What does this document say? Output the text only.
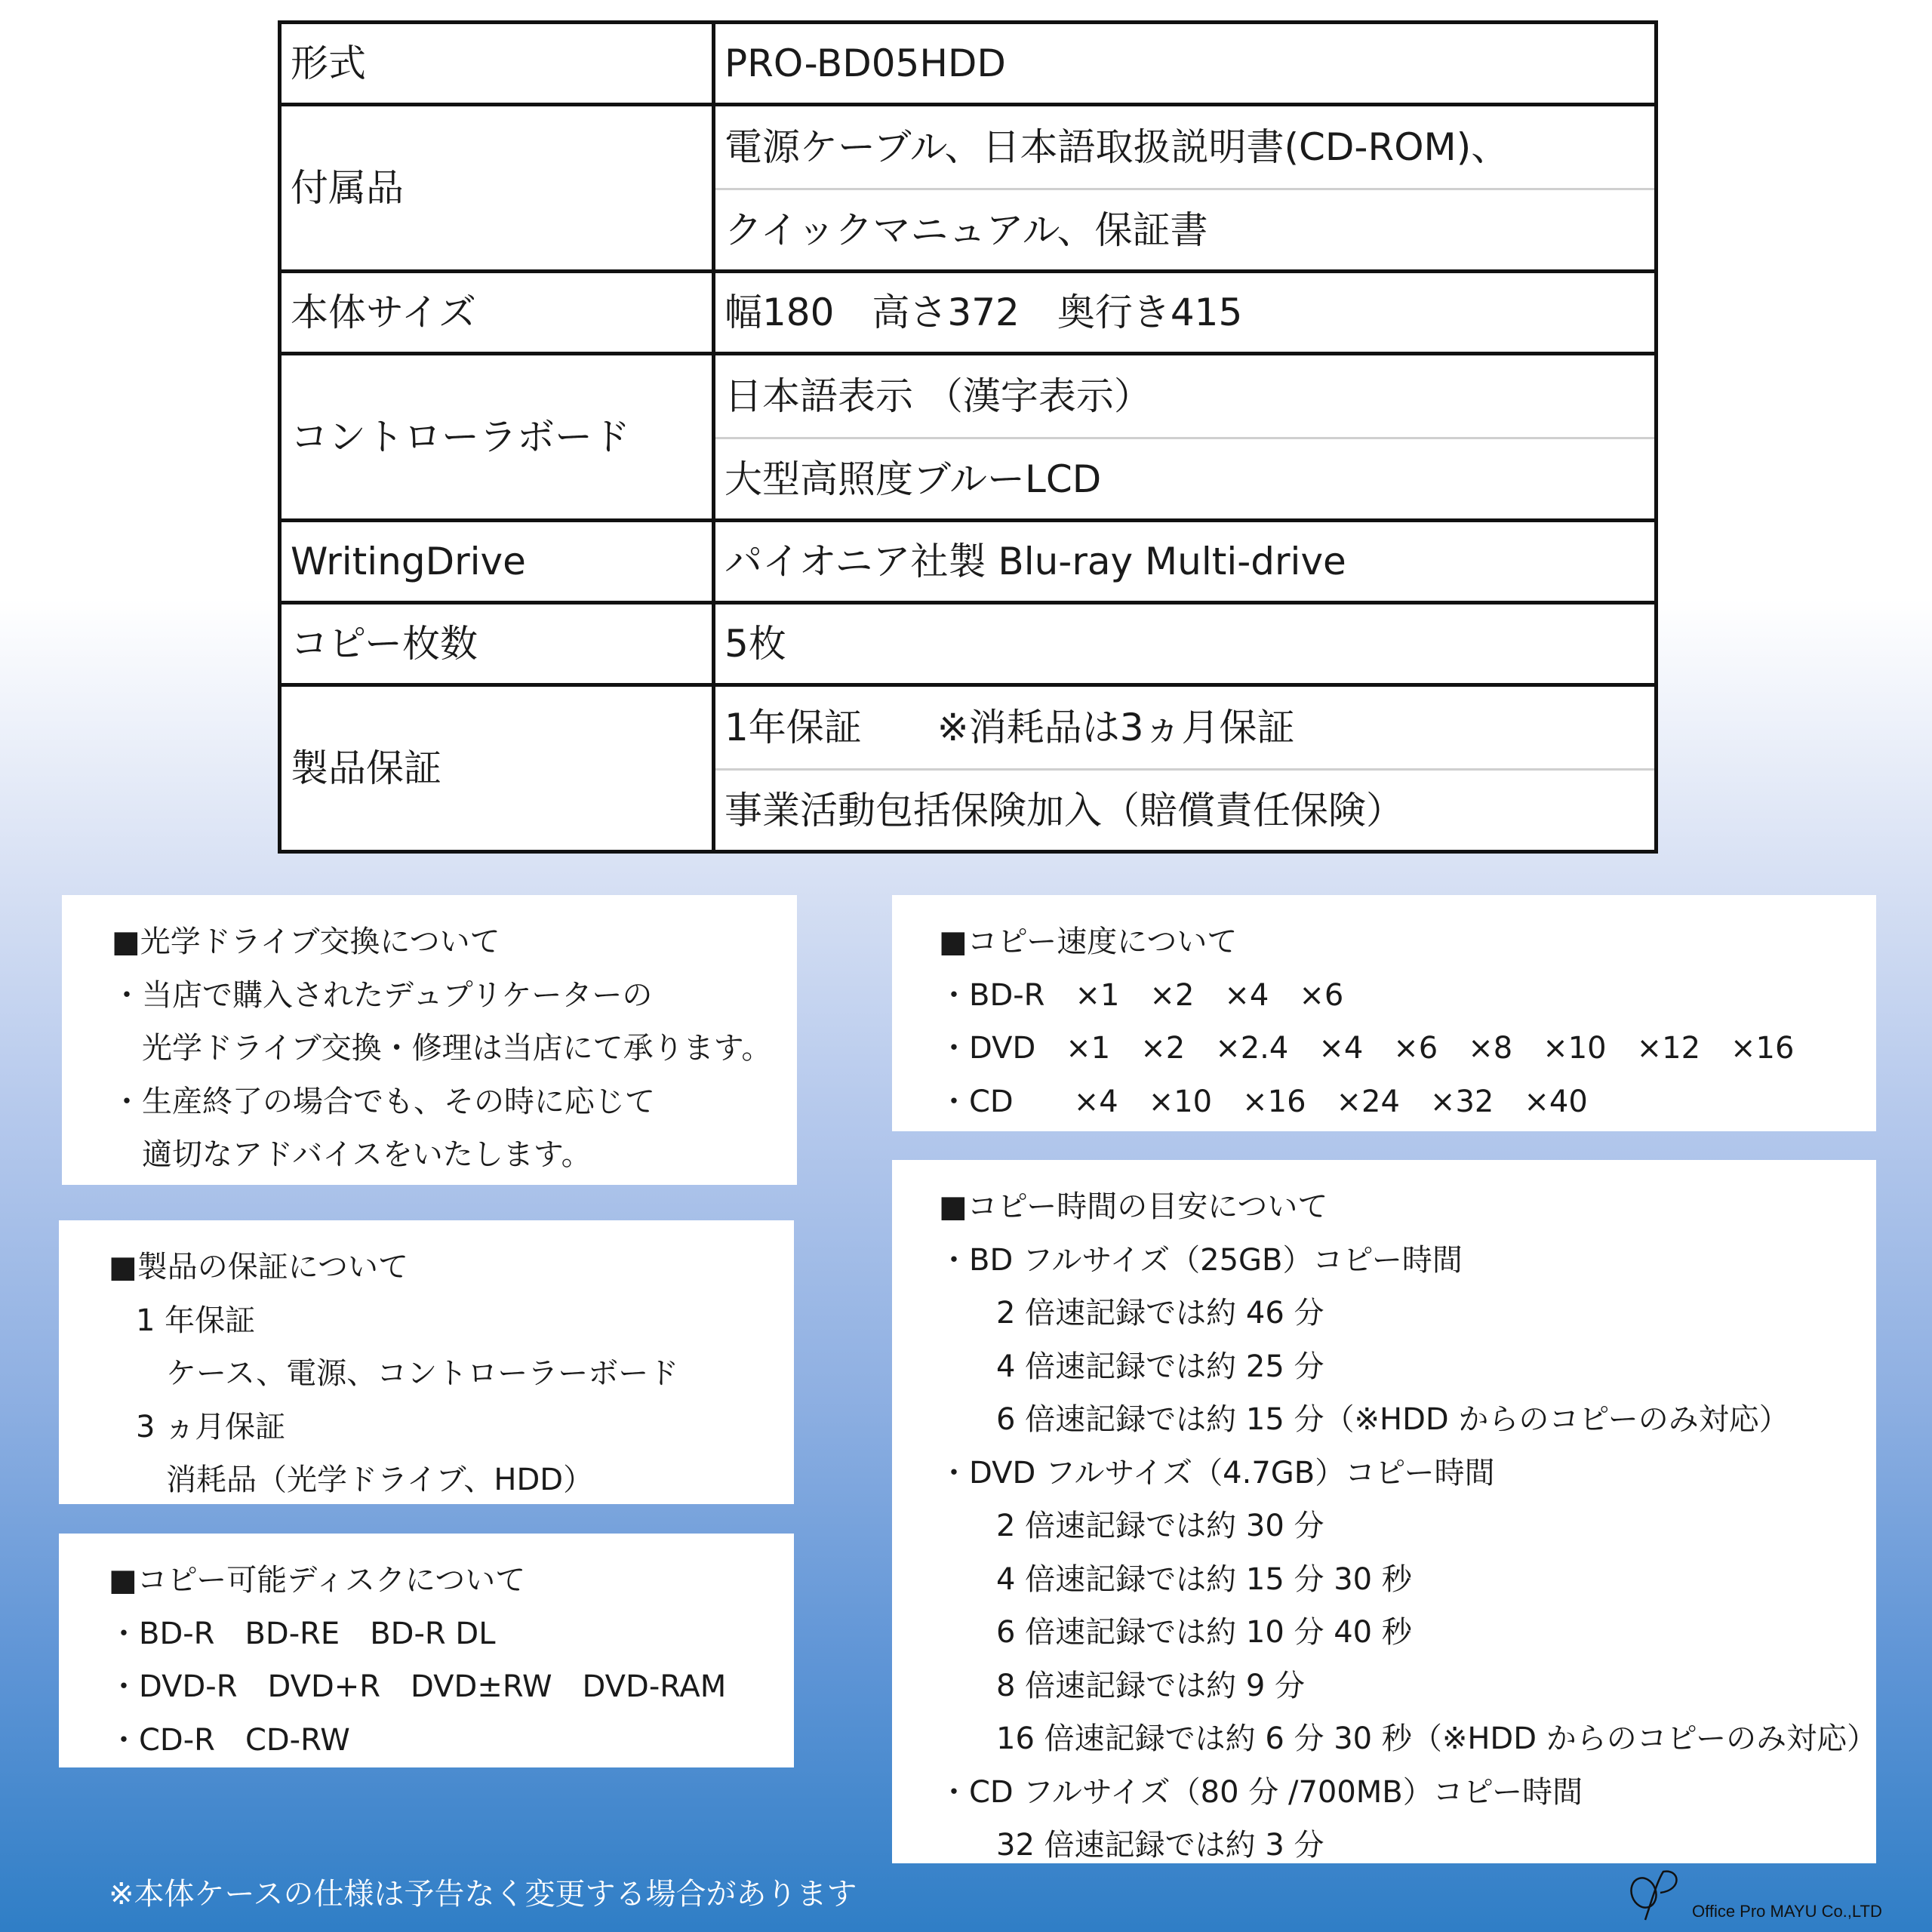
形式	PRO-BD05HDD
付属品	電源ケーブル、日本語取扱説明書(CD-ROM)、
クイックマニュアル、保証書

本体サイズ	幅180　高さ372　奥行き415
コントローラボード	日本語表示 （漢字表示）
大型高照度ブルーLCD

WritingDrive	パイオニア社製 Blu-ray Multi-drive
コピー枚数	5枚
製品保証	1年保証　　※消耗品は3ヵ月保証
事業活動包括保険加入（賠償責任保険）
■光学ドライブ交換について
・当店で購入されたデュプリケーターの
　光学ドライブ交換・修理は当店にて承ります。
・生産終了の場合でも、その時に応じて
　適切なアドバイスをいたします。
■製品の保証について
1 年保証
ケース、電源、コントローラーボード
3 ヵ月保証
消耗品（光学ドライブ、HDD）
■コピー可能ディスクについて
・BD-R　BD-RE　BD-R DL
・DVD-R　DVD+R　DVD±RW　DVD-RAM
・CD-R　CD-RW
■コピー速度について
・BD-R　×1　×2　×4　×6
・DVD　×1　×2　×2.4　×4　×6　×8　×10　×12　×16
・CD　　×4　×10　×16　×24　×32　×40
■コピー時間の目安について
・BD フルサイズ（25GB）コピー時間
2 倍速記録では約 46 分
4 倍速記録では約 25 分
6 倍速記録では約 15 分（※HDD からのコピーのみ対応）
・DVD フルサイズ（4.7GB）コピー時間
2 倍速記録では約 30 分
4 倍速記録では約 15 分 30 秒
6 倍速記録では約 10 分 40 秒
8 倍速記録では約 9 分
16 倍速記録では約 6 分 30 秒（※HDD からのコピーのみ対応）
・CD フルサイズ（80 分 /700MB）コピー時間
32 倍速記録では約 3 分
※本体ケースの仕様は予告なく変更する場合があります	Office Pro MAYU Co.,LTD
